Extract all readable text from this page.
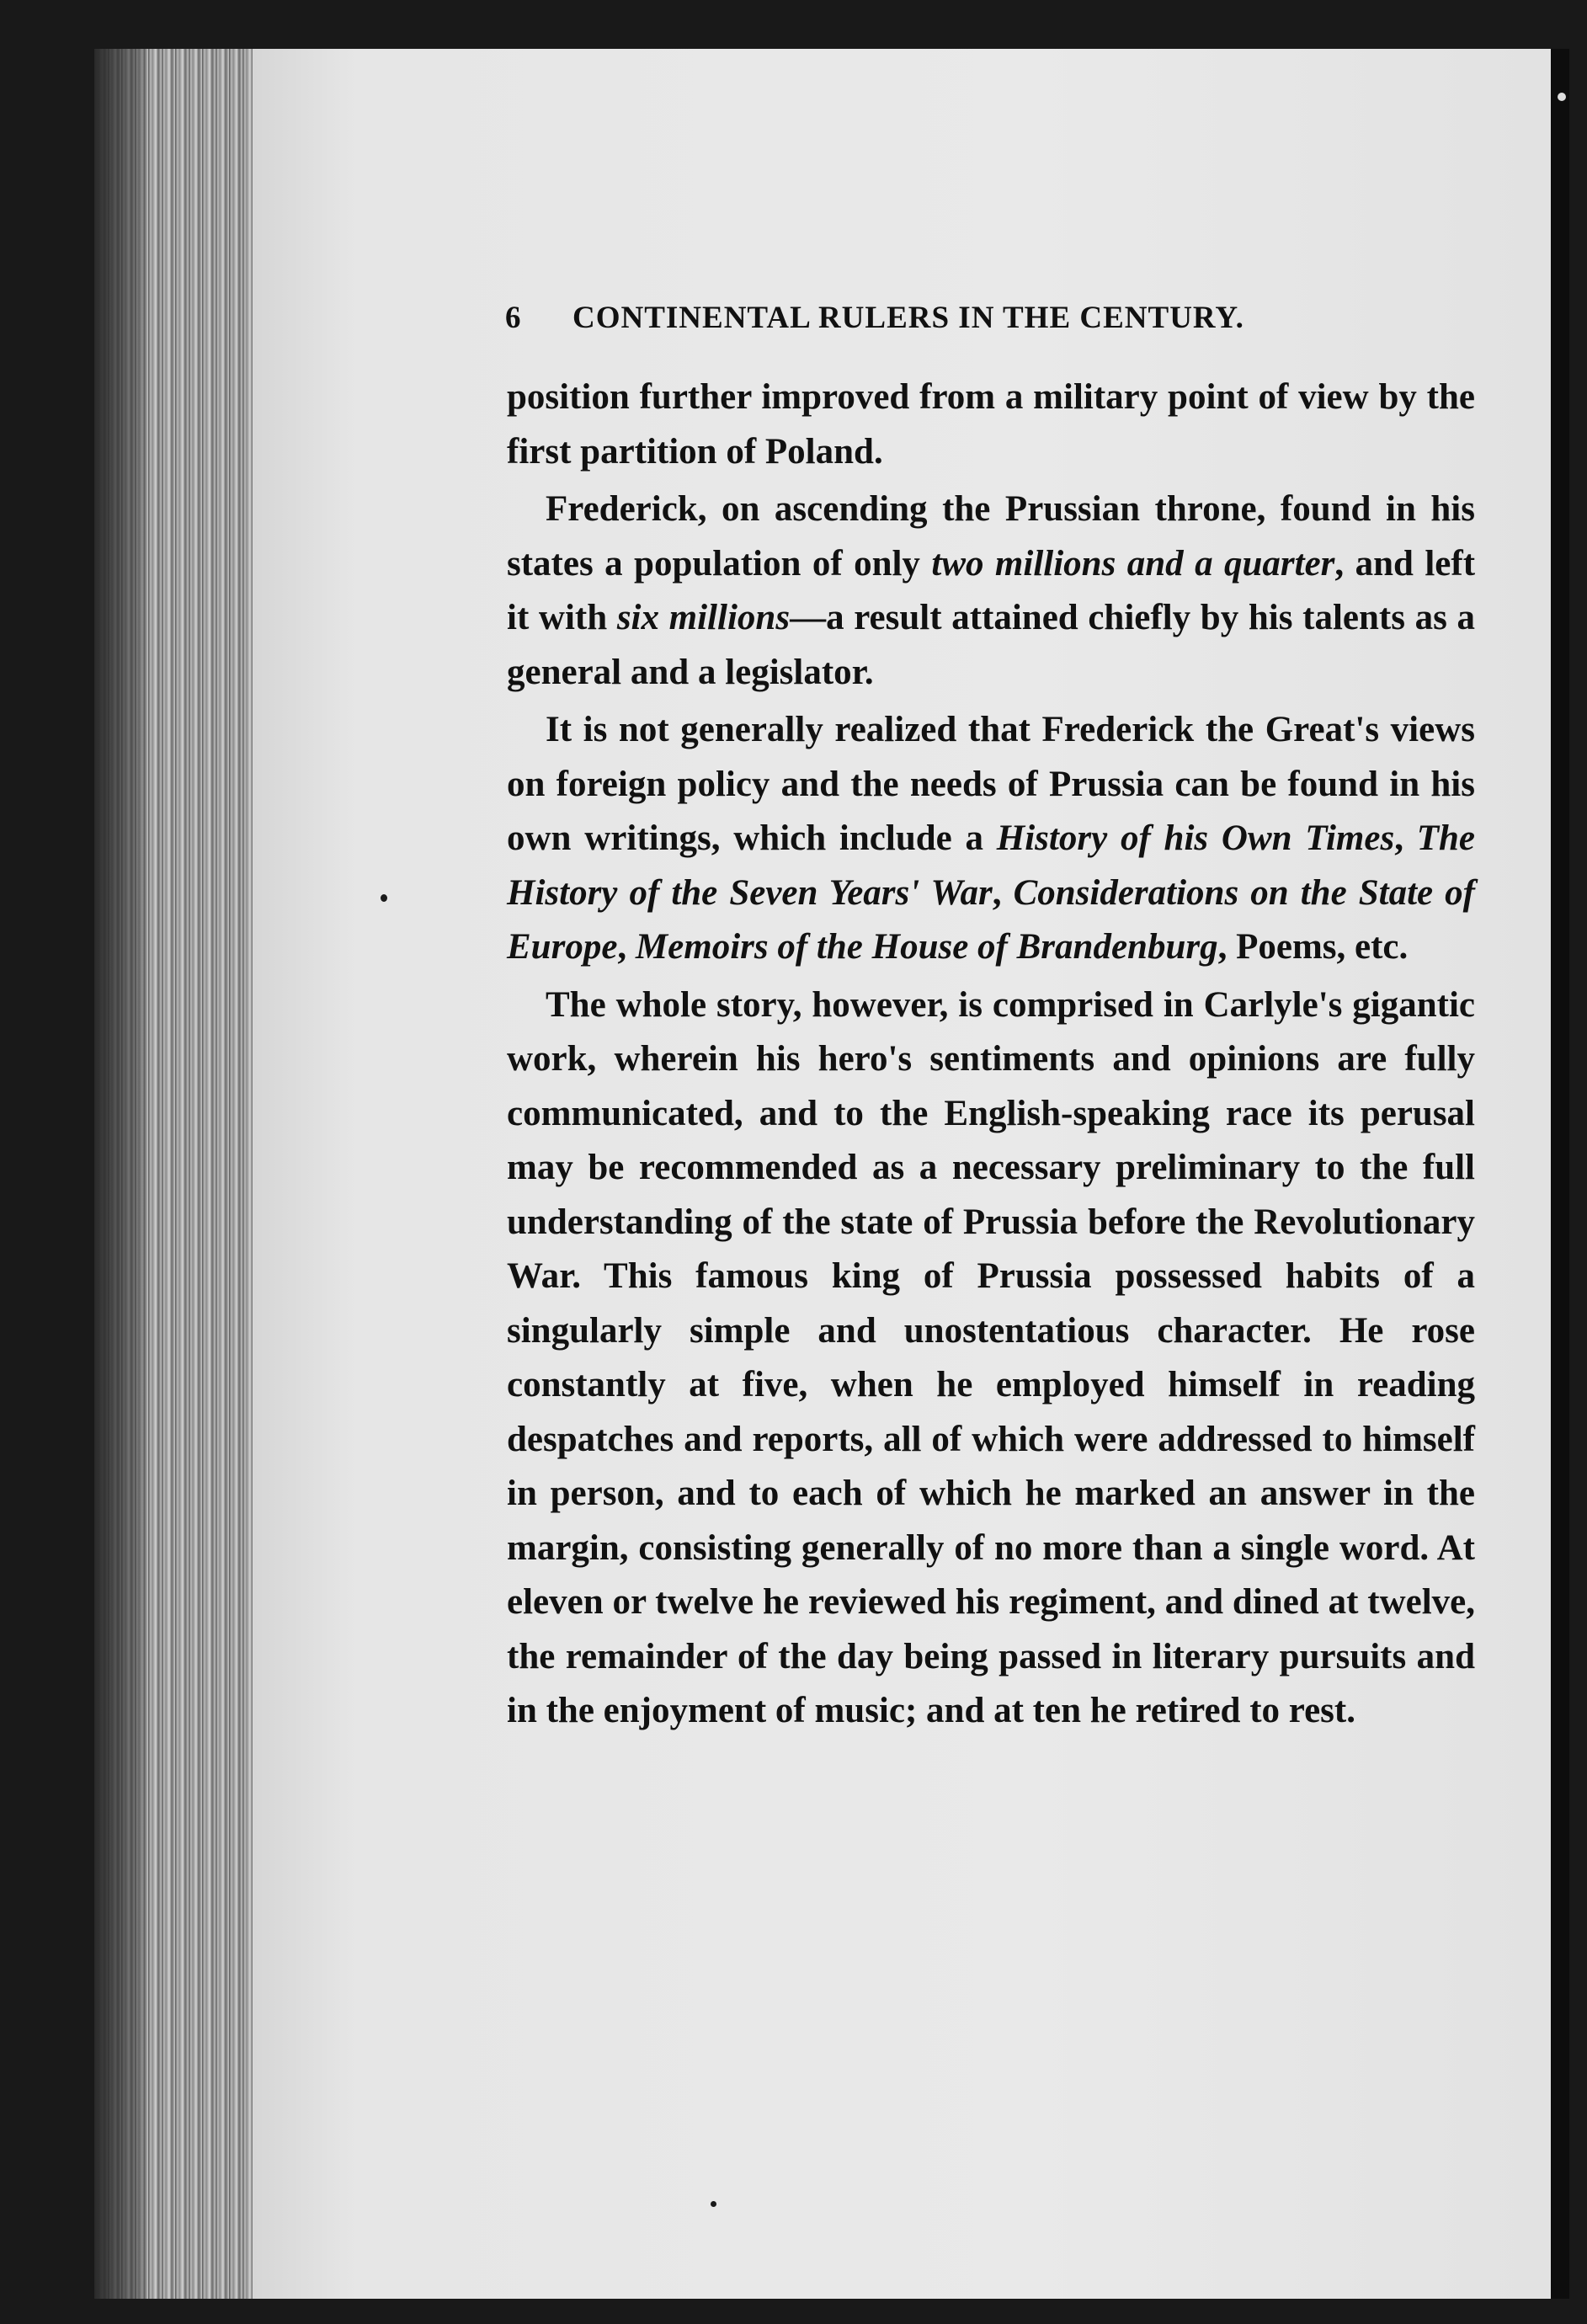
6	CONTINENTAL RULERS IN THE CENTURY.

position further improved from a military point of view by the first partition of Poland.

Frederick, on ascending the Prussian throne, found in his states a population of only two millions and a quarter, and left it with six millions—a result attained chiefly by his talents as a general and a legislator.

It is not generally realized that Frederick the Great's views on foreign policy and the needs of Prussia can be found in his own writings, which include a History of his Own Times, The History of the Seven Years' War, Considerations on the State of Europe, Memoirs of the House of Brandenburg, Poems, etc.

The whole story, however, is comprised in Carlyle's gigantic work, wherein his hero's sentiments and opinions are fully communicated, and to the English-speaking race its perusal may be recommended as a necessary preliminary to the full understanding of the state of Prussia before the Revolutionary War. This famous king of Prussia possessed habits of a singularly simple and unostentatious character. He rose constantly at five, when he employed himself in reading despatches and reports, all of which were addressed to himself in person, and to each of which he marked an answer in the margin, consisting generally of no more than a single word. At eleven or twelve he reviewed his regiment, and dined at twelve, the remainder of the day being passed in literary pursuits and in the enjoyment of music; and at ten he retired to rest.
